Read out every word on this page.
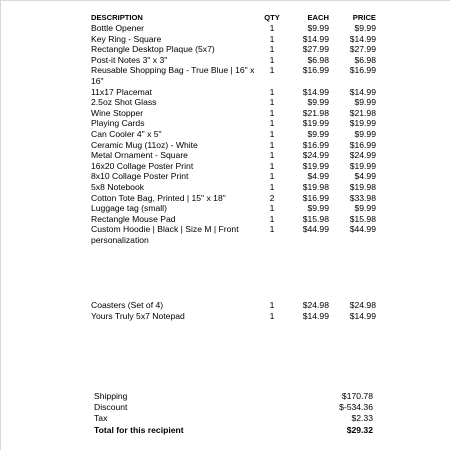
DESCRIPTION	QTY	EACH	PRICE
Bottle Opener	1	$9.99	$9.99
Key Ring - Square	1	$14.99	$14.99
Rectangle Desktop Plaque (5x7)	1	$27.99	$27.99
Post-it Notes 3" x 3"	1	$6.98	$6.98
Reusable Shopping Bag - True Blue | 16" x 16"	1	$16.99	$16.99
11x17 Placemat	1	$14.99	$14.99
2.5oz Shot Glass	1	$9.99	$9.99
Wine Stopper	1	$21.98	$21.98
Playing Cards	1	$19.99	$19.99
Can Cooler 4" x 5"	1	$9.99	$9.99
Ceramic Mug (11oz) - White	1	$16.99	$16.99
Metal Ornament - Square	1	$24.99	$24.99
16x20 Collage Poster Print	1	$19.99	$19.99
8x10 Collage Poster Print	1	$4.99	$4.99
5x8 Notebook	1	$19.98	$19.98
Cotton Tote Bag, Printed | 15" x 18"	2	$16.99	$33.98
Luggage tag (small)	1	$9.99	$9.99
Rectangle Mouse Pad	1	$15.98	$15.98
Custom Hoodie | Black | Size M | Front personalization	1	$44.99	$44.99

Coasters (Set of 4)	1	$24.98	$24.98
Yours Truly 5x7 Notepad	1	$14.99	$14.99
Shipping	$170.78
Discount	$-534.36
Tax	$2.33
Total for this recipient	$29.32
